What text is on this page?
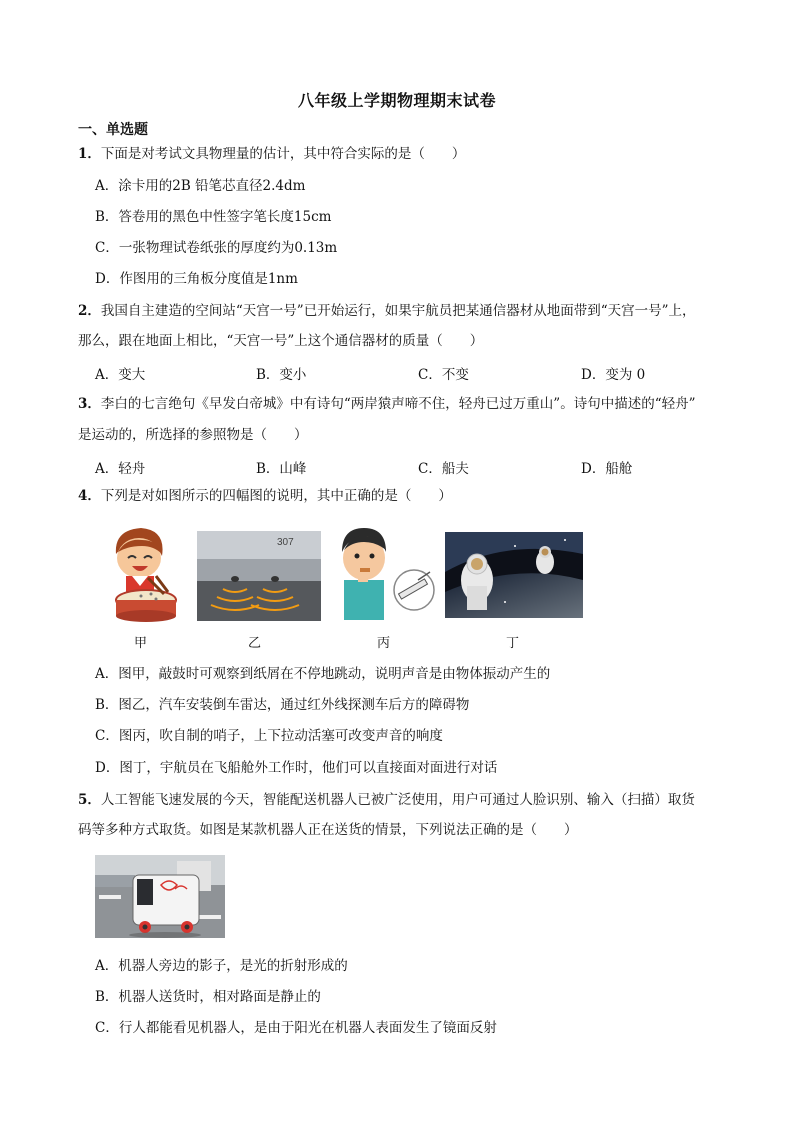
八年级上学期物理期末试卷
一、单选题
1．下面是对考试文具物理量的估计，其中符合实际的是（　　）
A．涂卡用的2B 铅笔芯直径2.4dm
B．答卷用的黑色中性签字笔长度15cm
C．一张物理试卷纸张的厚度约为0.13m
D．作图用的三角板分度值是1nm
2．我国自主建造的空间站“天宫一号”已开始运行，如果宇航员把某通信器材从地面带到“天宫一号”上，
那么，跟在地面上相比，“天宫一号”上这个通信器材的质量（　　）
A．变大	B．变小	C．不变	D．变为 0
3．李白的七言绝句《早发白帝城》中有诗句“两岸猿声啼不住，轻舟已过万重山”。诗句中描述的“轻舟”
是运动的，所选择的参照物是（　　）
A．轻舟	B．山峰	C．船夫	D．船舱
4．下列是对如图所示的四幅图的说明，其中正确的是（　　）
甲
307
乙	丙	丁
A．图甲，敲鼓时可观察到纸屑在不停地跳动，说明声音是由物体振动产生的
B．图乙，汽车安装倒车雷达，通过红外线探测车后方的障碍物
C．图丙，吹自制的哨子，上下拉动活塞可改变声音的响度
D．图丁，宇航员在飞船舱外工作时，他们可以直接面对面进行对话
5．人工智能飞速发展的今天，智能配送机器人已被广泛使用，用户可通过人脸识别、输入（扫描）取货
码等多种方式取货。如图是某款机器人正在送货的情景，下列说法正确的是（　　）
A．机器人旁边的影子，是光的折射形成的
B．机器人送货时，相对路面是静止的
C．行人都能看见机器人，是由于阳光在机器人表面发生了镜面反射
